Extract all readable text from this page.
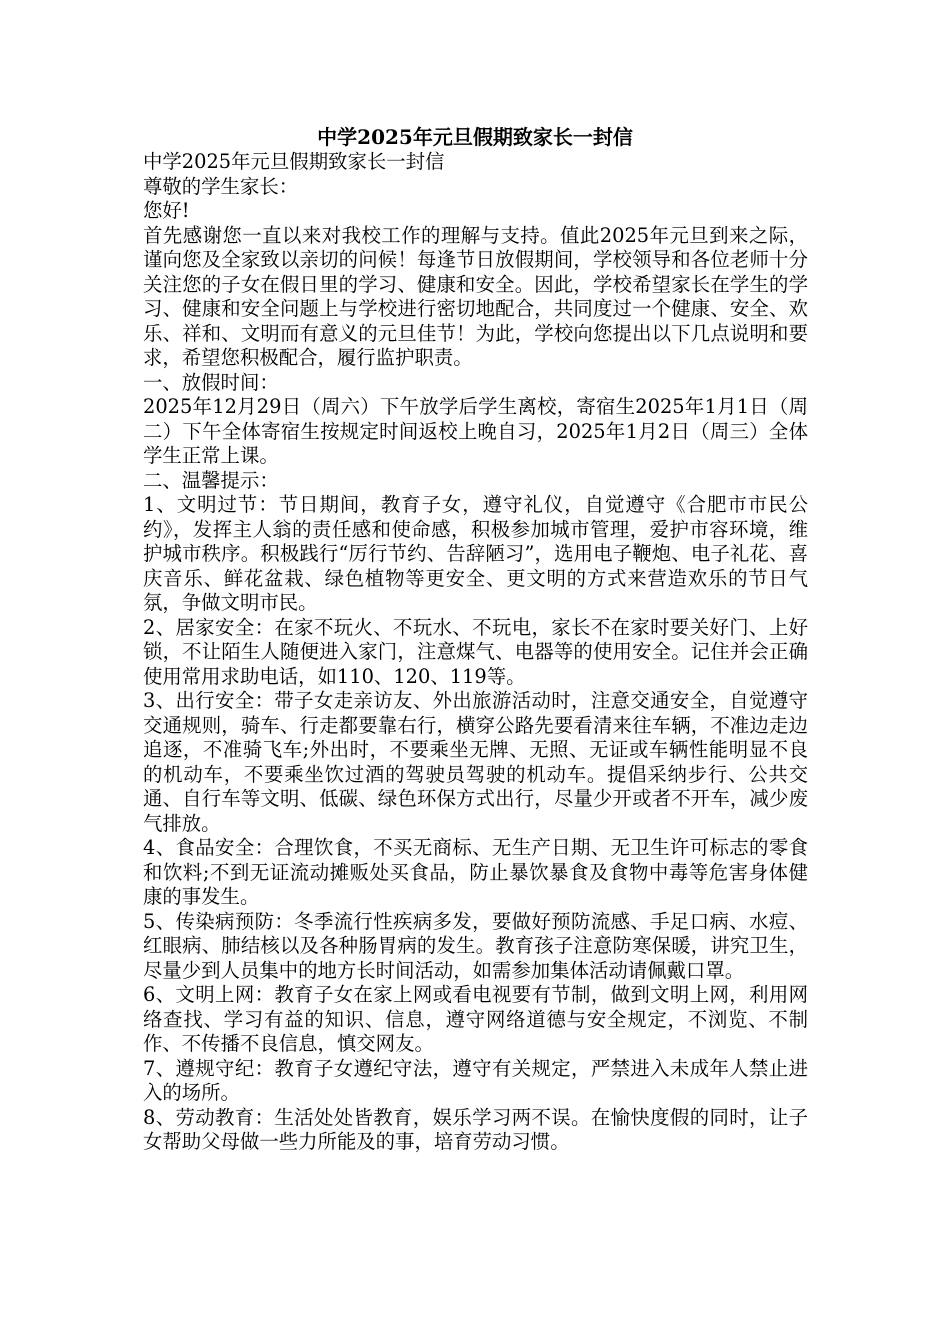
中学2025年元旦假期致家长一封信

中学2025年元旦假期致家长一封信

尊敬的学生家长：

您好!

首先感谢您一直以来对我校工作的理解与支持。值此2025年元旦到来之际，谨向您及全家致以亲切的问候！每逢节日放假期间，学校领导和各位老师十分关注您的子女在假日里的学习、健康和安全。因此，学校希望家长在学生的学习、健康和安全问题上与学校进行密切地配合，共同度过一个健康、安全、欢乐、祥和、文明而有意义的元旦佳节！为此，学校向您提出以下几点说明和要求，希望您积极配合，履行监护职责。

一、放假时间：

2025年12月29日（周六）下午放学后学生离校，寄宿生2025年1月1日（周二）下午全体寄宿生按规定时间返校上晚自习，2025年1月2日（周三）全体学生正常上课。

二、温馨提示：

1、文明过节：节日期间，教育子女，遵守礼仪，自觉遵守《合肥市市民公约》，发挥主人翁的责任感和使命感，积极参加城市管理，爱护市容环境，维护城市秩序。积极践行“厉行节约、告辞陋习”，选用电子鞭炮、电子礼花、喜庆音乐、鲜花盆栽、绿色植物等更安全、更文明的方式来营造欢乐的节日气氛，争做文明市民。

2、居家安全：在家不玩火、不玩水、不玩电，家长不在家时要关好门、上好锁，不让陌生人随便进入家门，注意煤气、电器等的使用安全。记住并会正确使用常用求助电话，如110、120、119等。

3、出行安全：带子女走亲访友、外出旅游活动时，注意交通安全，自觉遵守交通规则，骑车、行走都要靠右行，横穿公路先要看清来往车辆，不准边走边追逐，不准骑飞车;外出时，不要乘坐无牌、无照、无证或车辆性能明显不良的机动车，不要乘坐饮过酒的驾驶员驾驶的机动车。提倡采纳步行、公共交通、自行车等文明、低碳、绿色环保方式出行，尽量少开或者不开车，减少废气排放。

4、食品安全：合理饮食，不买无商标、无生产日期、无卫生许可标志的零食和饮料;不到无证流动摊贩处买食品，防止暴饮暴食及食物中毒等危害身体健康的事发生。

5、传染病预防：冬季流行性疾病多发，要做好预防流感、手足口病、水痘、红眼病、肺结核以及各种肠胃病的发生。教育孩子注意防寒保暖，讲究卫生，尽量少到人员集中的地方长时间活动，如需参加集体活动请佩戴口罩。

6、文明上网：教育子女在家上网或看电视要有节制，做到文明上网，利用网络查找、学习有益的知识、信息，遵守网络道德与安全规定，不浏览、不制作、不传播不良信息，慎交网友。

7、遵规守纪：教育子女遵纪守法，遵守有关规定，严禁进入未成年人禁止进入的场所。

8、劳动教育：生活处处皆教育，娱乐学习两不误。在愉快度假的同时，让子女帮助父母做一些力所能及的事，培育劳动习惯。
